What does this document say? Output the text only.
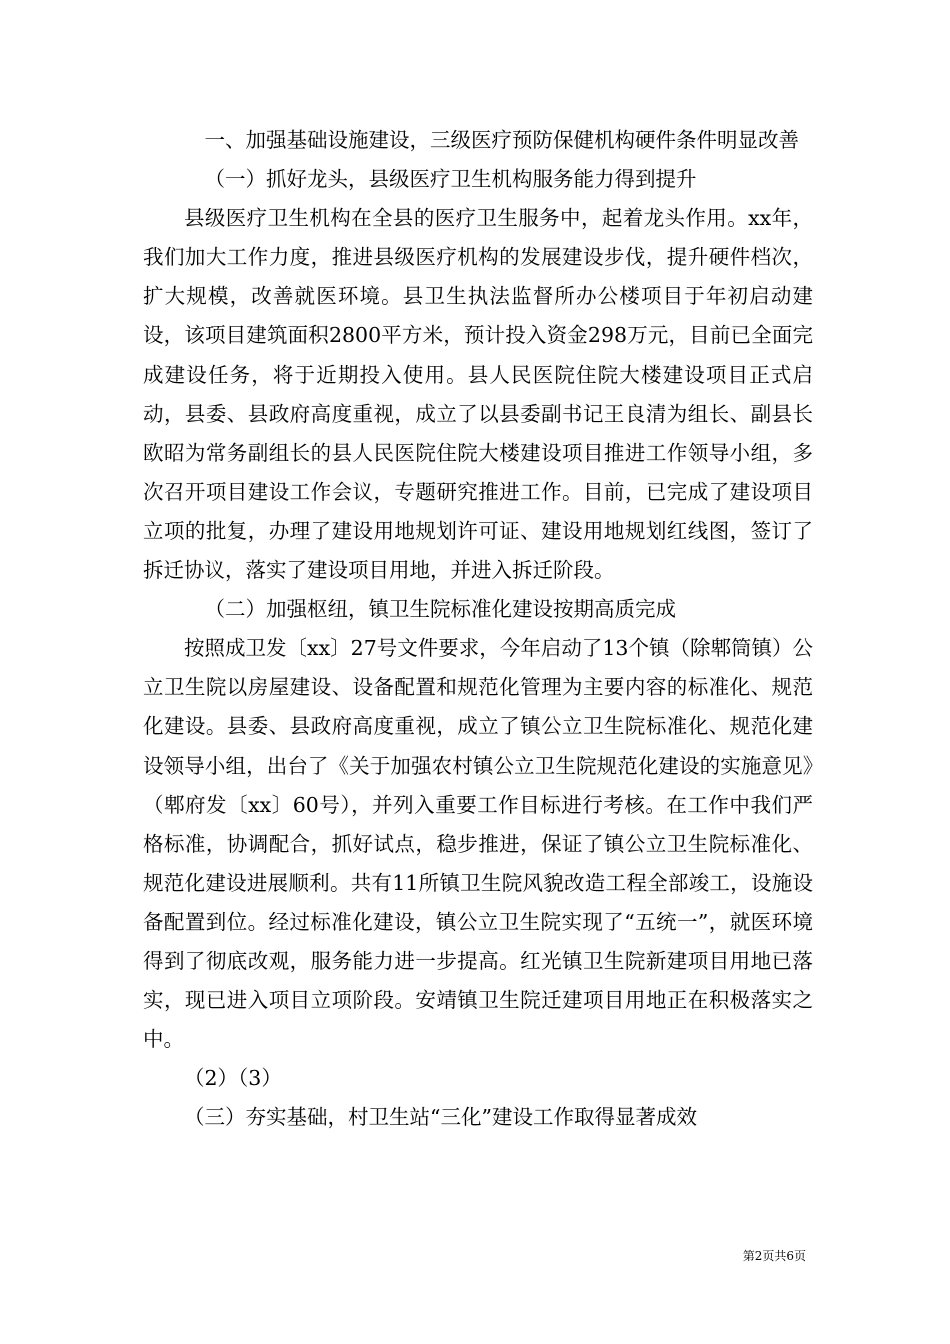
一、加强基础设施建设，三级医疗预防保健机构硬件条件明显改善

（一）抓好龙头，县级医疗卫生机构服务能力得到提升

县级医疗卫生机构在全县的医疗卫生服务中，起着龙头作用。xx年，我们加大工作力度，推进县级医疗机构的发展建设步伐，提升硬件档次，扩大规模，改善就医环境。县卫生执法监督所办公楼项目于年初启动建设，该项目建筑面积2800平方米，预计投入资金298万元，目前已全面完成建设任务，将于近期投入使用。县人民医院住院大楼建设项目正式启动，县委、县政府高度重视，成立了以县委副书记王良清为组长、副县长欧昭为常务副组长的县人民医院住院大楼建设项目推进工作领导小组，多次召开项目建设工作会议，专题研究推进工作。目前，已完成了建设项目立项的批复，办理了建设用地规划许可证、建设用地规划红线图，签订了拆迁协议，落实了建设项目用地，并进入拆迁阶段。

（二）加强枢纽，镇卫生院标准化建设按期高质完成

按照成卫发〔xx〕27号文件要求，今年启动了13个镇（除郫筒镇）公立卫生院以房屋建设、设备配置和规范化管理为主要内容的标准化、规范化建设。县委、县政府高度重视，成立了镇公立卫生院标准化、规范化建设领导小组，出台了《关于加强农村镇公立卫生院规范化建设的实施意见》（郫府发〔xx〕60号），并列入重要工作目标进行考核。在工作中我们严格标准，协调配合，抓好试点，稳步推进，保证了镇公立卫生院标准化、规范化建设进展顺利。共有11所镇卫生院风貌改造工程全部竣工，设施设备配置到位。经过标准化建设，镇公立卫生院实现了“五统一”，就医环境得到了彻底改观，服务能力进一步提高。红光镇卫生院新建项目用地已落实，现已进入项目立项阶段。安靖镇卫生院迁建项目用地正在积极落实之中。

（2）（3）

（三）夯实基础，村卫生站“三化”建设工作取得显著成效

第2页共6页
